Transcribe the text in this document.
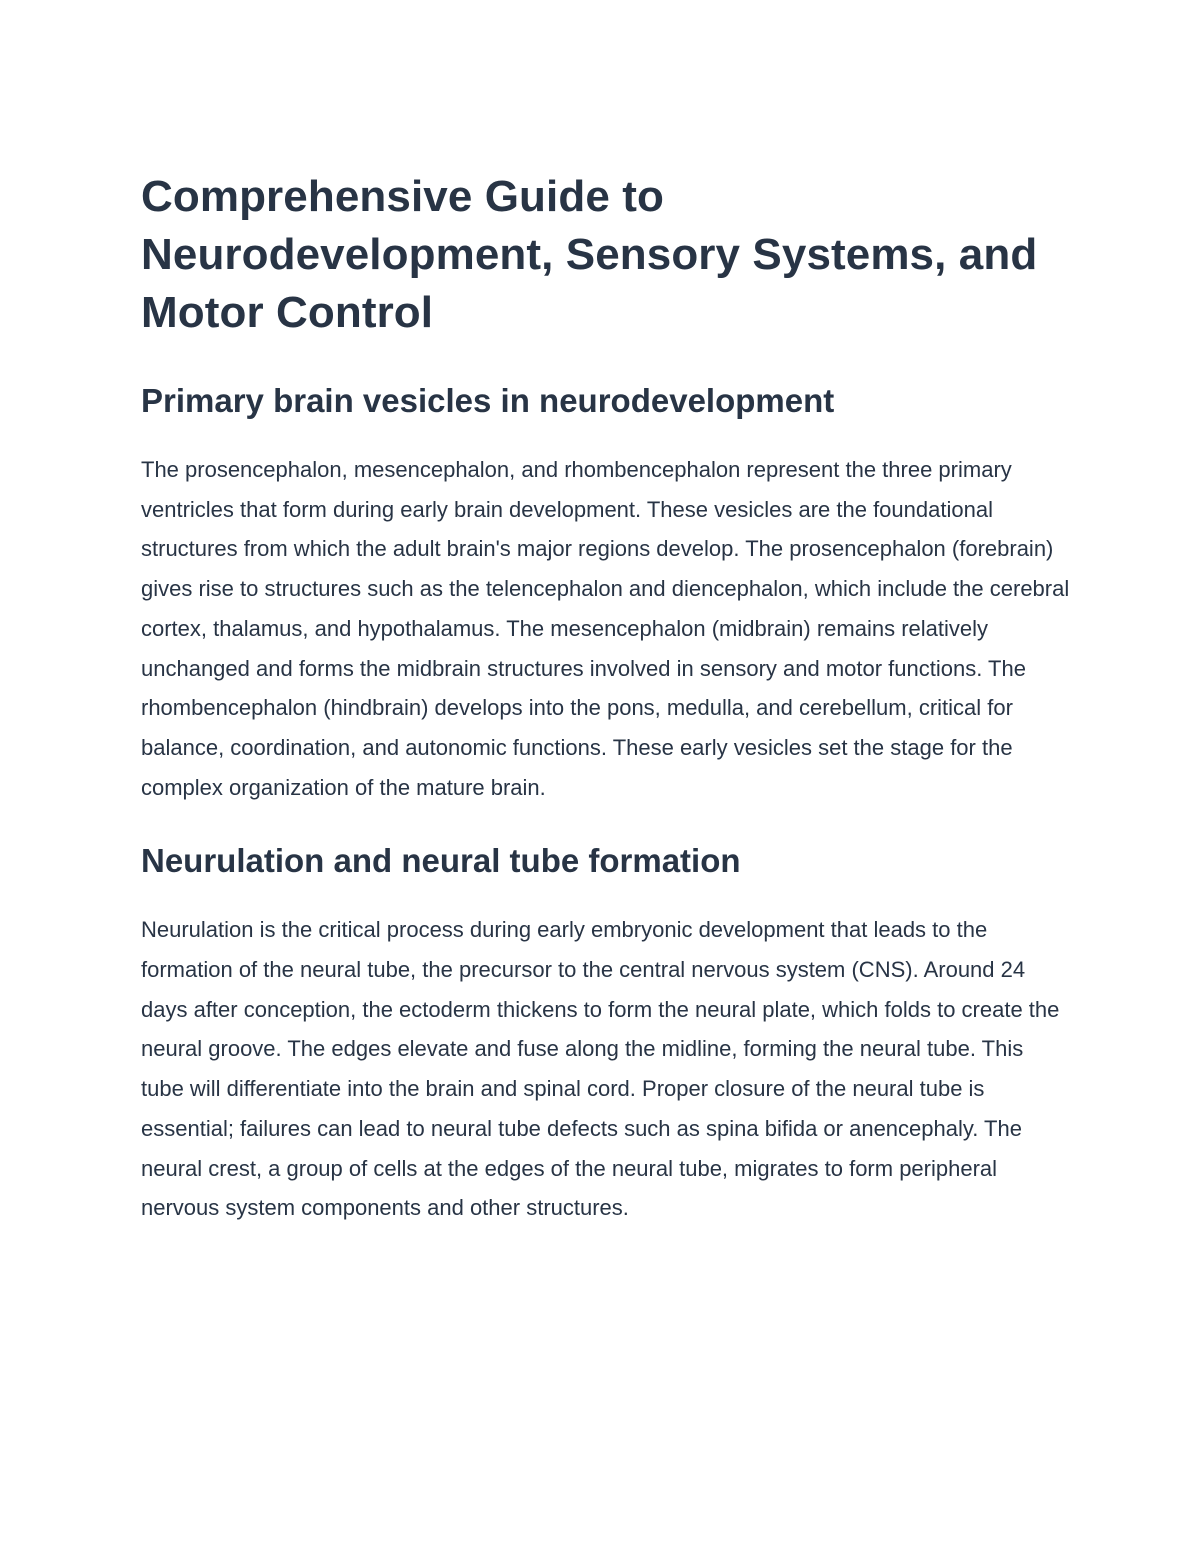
Comprehensive Guide to Neurodevelopment, Sensory Systems, and Motor Control
Primary brain vesicles in neurodevelopment

The prosencephalon, mesencephalon, and rhombencephalon represent the three primary ventricles that form during early brain development. These vesicles are the foundational structures from which the adult brain's major regions develop. The prosencephalon (forebrain) gives rise to structures such as the telencephalon and diencephalon, which include the cerebral cortex, thalamus, and hypothalamus. The mesencephalon (midbrain) remains relatively unchanged and forms the midbrain structures involved in sensory and motor functions. The rhombencephalon (hindbrain) develops into the pons, medulla, and cerebellum, critical for balance, coordination, and autonomic functions. These early vesicles set the stage for the complex organization of the mature brain.

Neurulation and neural tube formation

Neurulation is the critical process during early embryonic development that leads to the formation of the neural tube, the precursor to the central nervous system (CNS). Around 24 days after conception, the ectoderm thickens to form the neural plate, which folds to create the neural groove. The edges elevate and fuse along the midline, forming the neural tube. This tube will differentiate into the brain and spinal cord. Proper closure of the neural tube is essential; failures can lead to neural tube defects such as spina bifida or anencephaly. The neural crest, a group of cells at the edges of the neural tube, migrates to form peripheral nervous system components and other structures.
